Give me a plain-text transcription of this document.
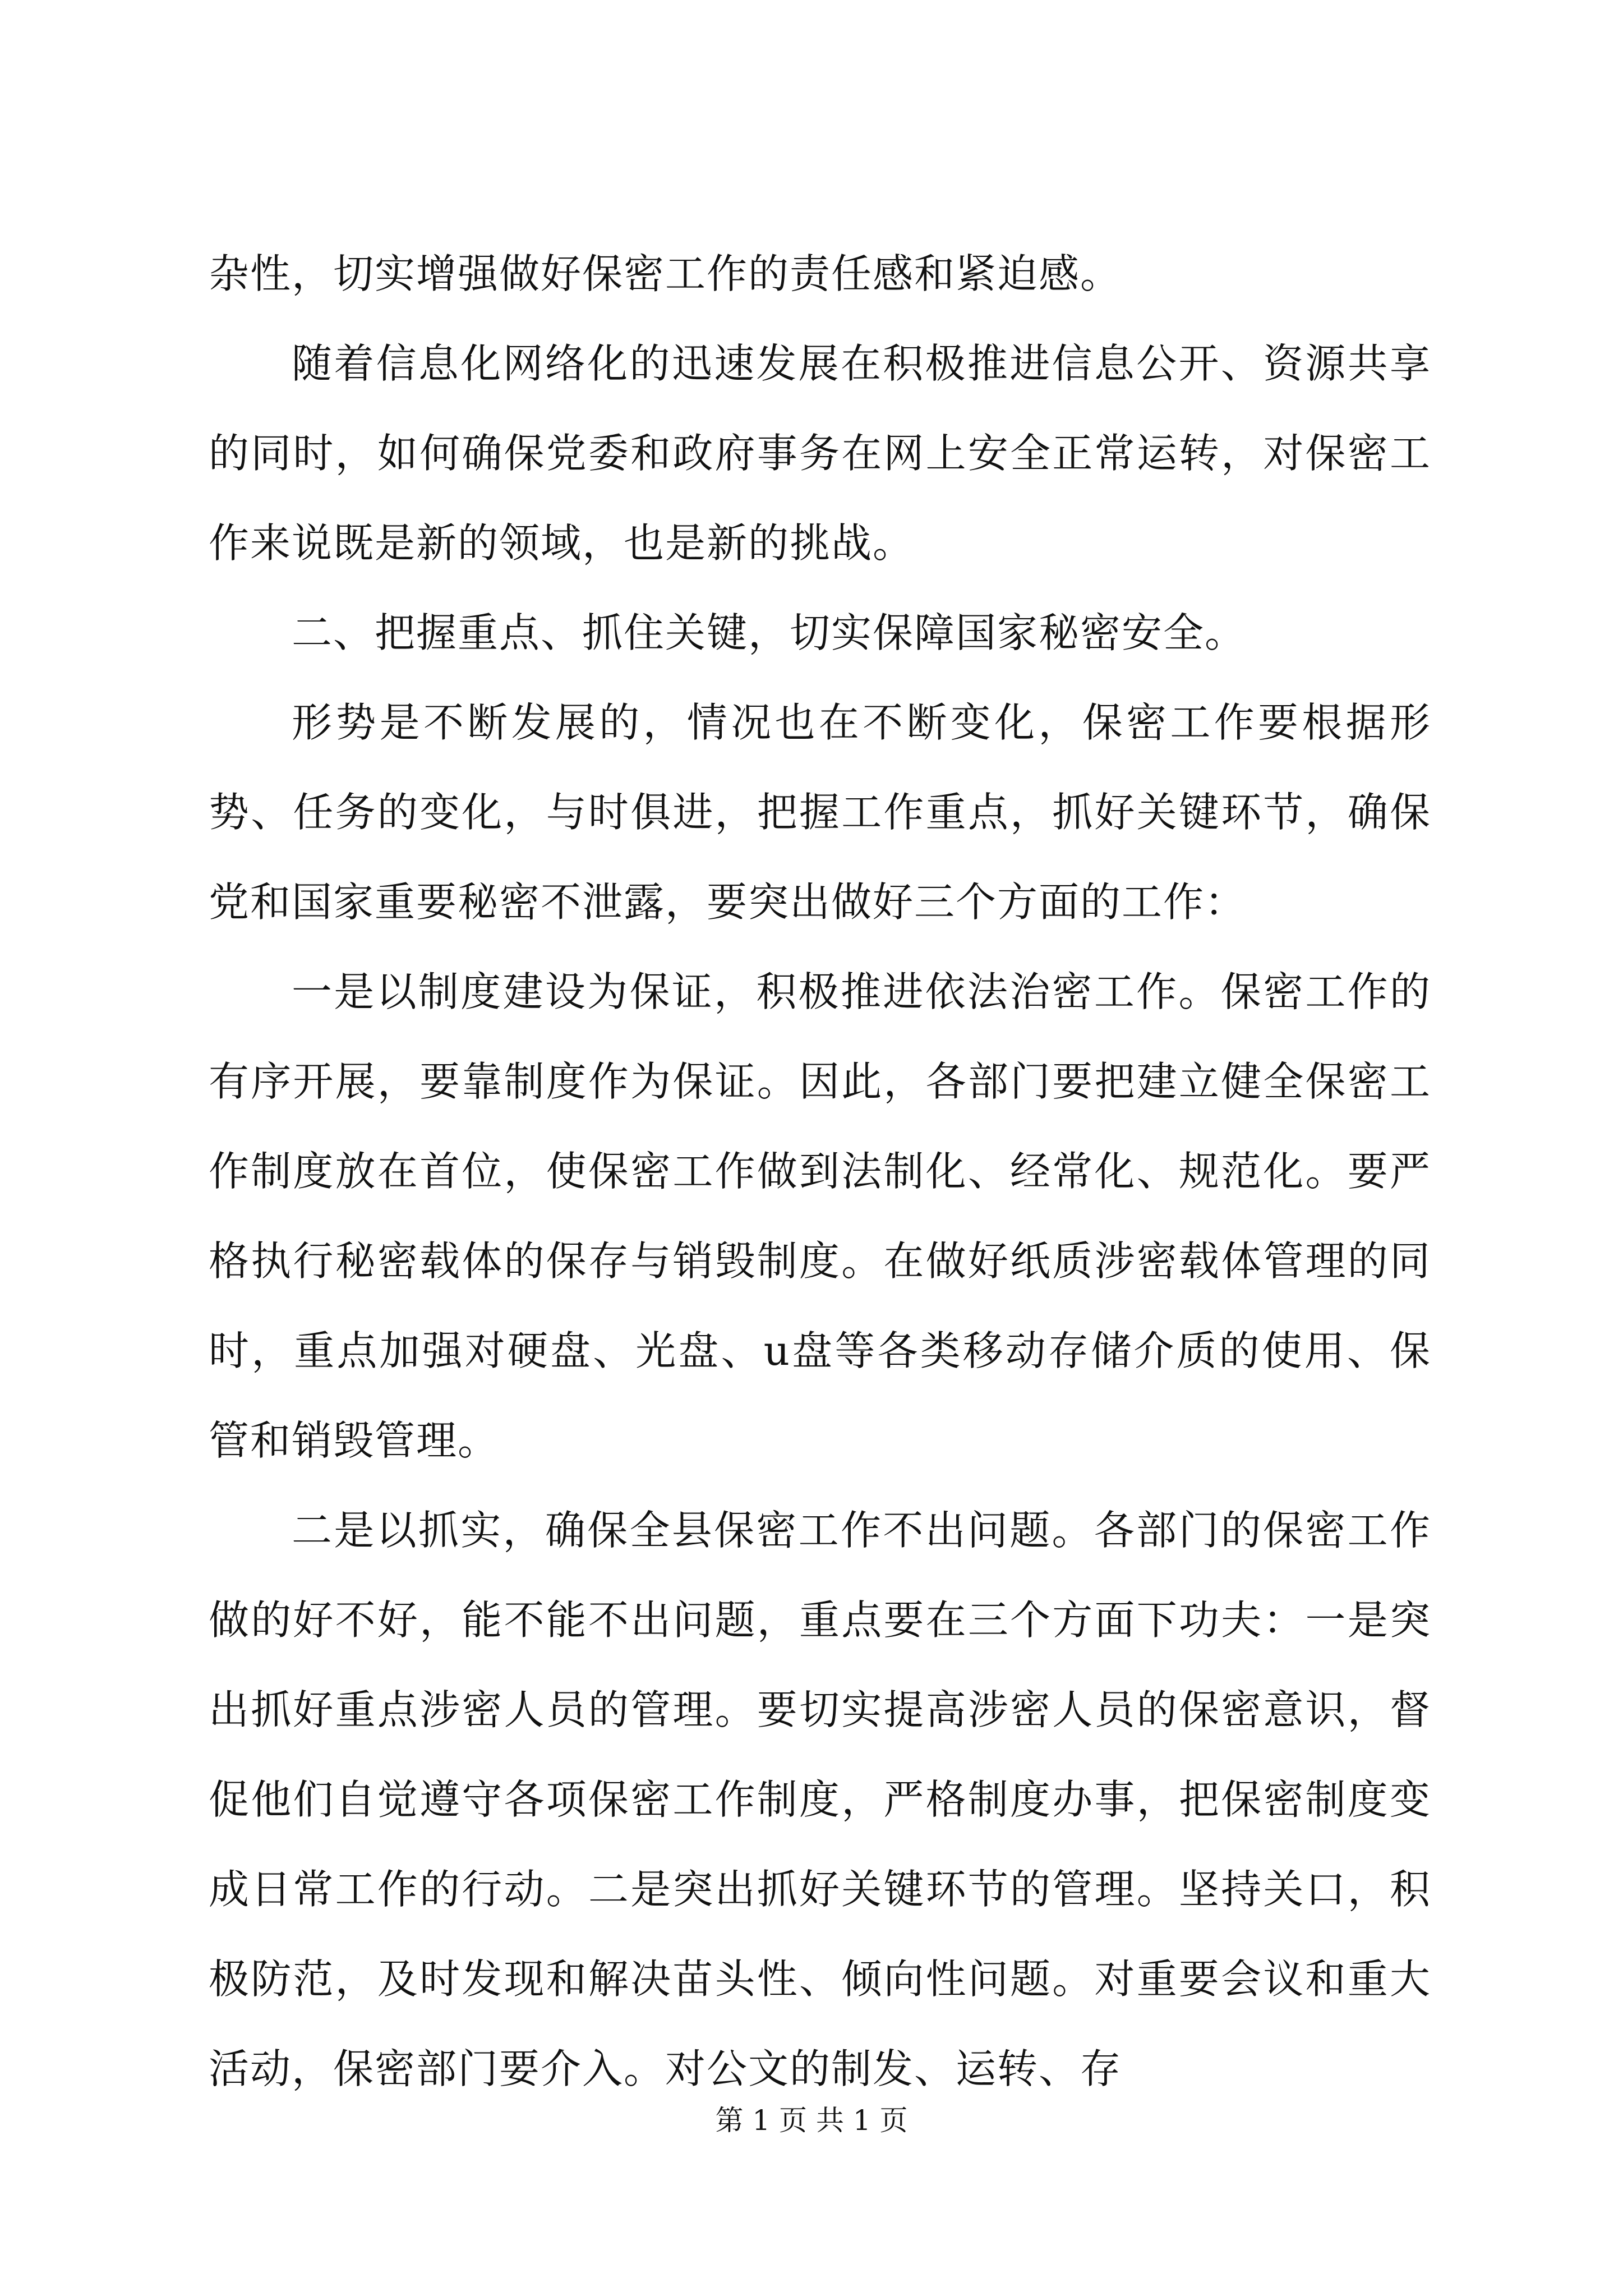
杂性，切实增强做好保密工作的责任感和紧迫感。

随着信息化网络化的迅速发展在积极推进信息公开、资源共享的同时，如何确保党委和政府事务在网上安全正常运转，对保密工作来说既是新的领域，也是新的挑战。

二、把握重点、抓住关键，切实保障国家秘密安全。

形势是不断发展的，情况也在不断变化，保密工作要根据形势、任务的变化，与时俱进，把握工作重点，抓好关键环节，确保党和国家重要秘密不泄露，要突出做好三个方面的工作：

一是以制度建设为保证，积极推进依法治密工作。保密工作的有序开展，要靠制度作为保证。因此，各部门要把建立健全保密工作制度放在首位，使保密工作做到法制化、经常化、规范化。要严格执行秘密载体的保存与销毁制度。在做好纸质涉密载体管理的同时，重点加强对硬盘、光盘、u盘等各类移动存储介质的使用、保管和销毁管理。

二是以抓实，确保全县保密工作不出问题。各部门的保密工作做的好不好，能不能不出问题，重点要在三个方面下功夫：一是突出抓好重点涉密人员的管理。要切实提高涉密人员的保密意识，督促他们自觉遵守各项保密工作制度，严格制度办事，把保密制度变成日常工作的行动。二是突出抓好关键环节的管理。坚持关口，积极防范，及时发现和解决苗头性、倾向性问题。对重要会议和重大活动，保密部门要介入。对公文的制发、运转、存

第 1 页 共 1 页
